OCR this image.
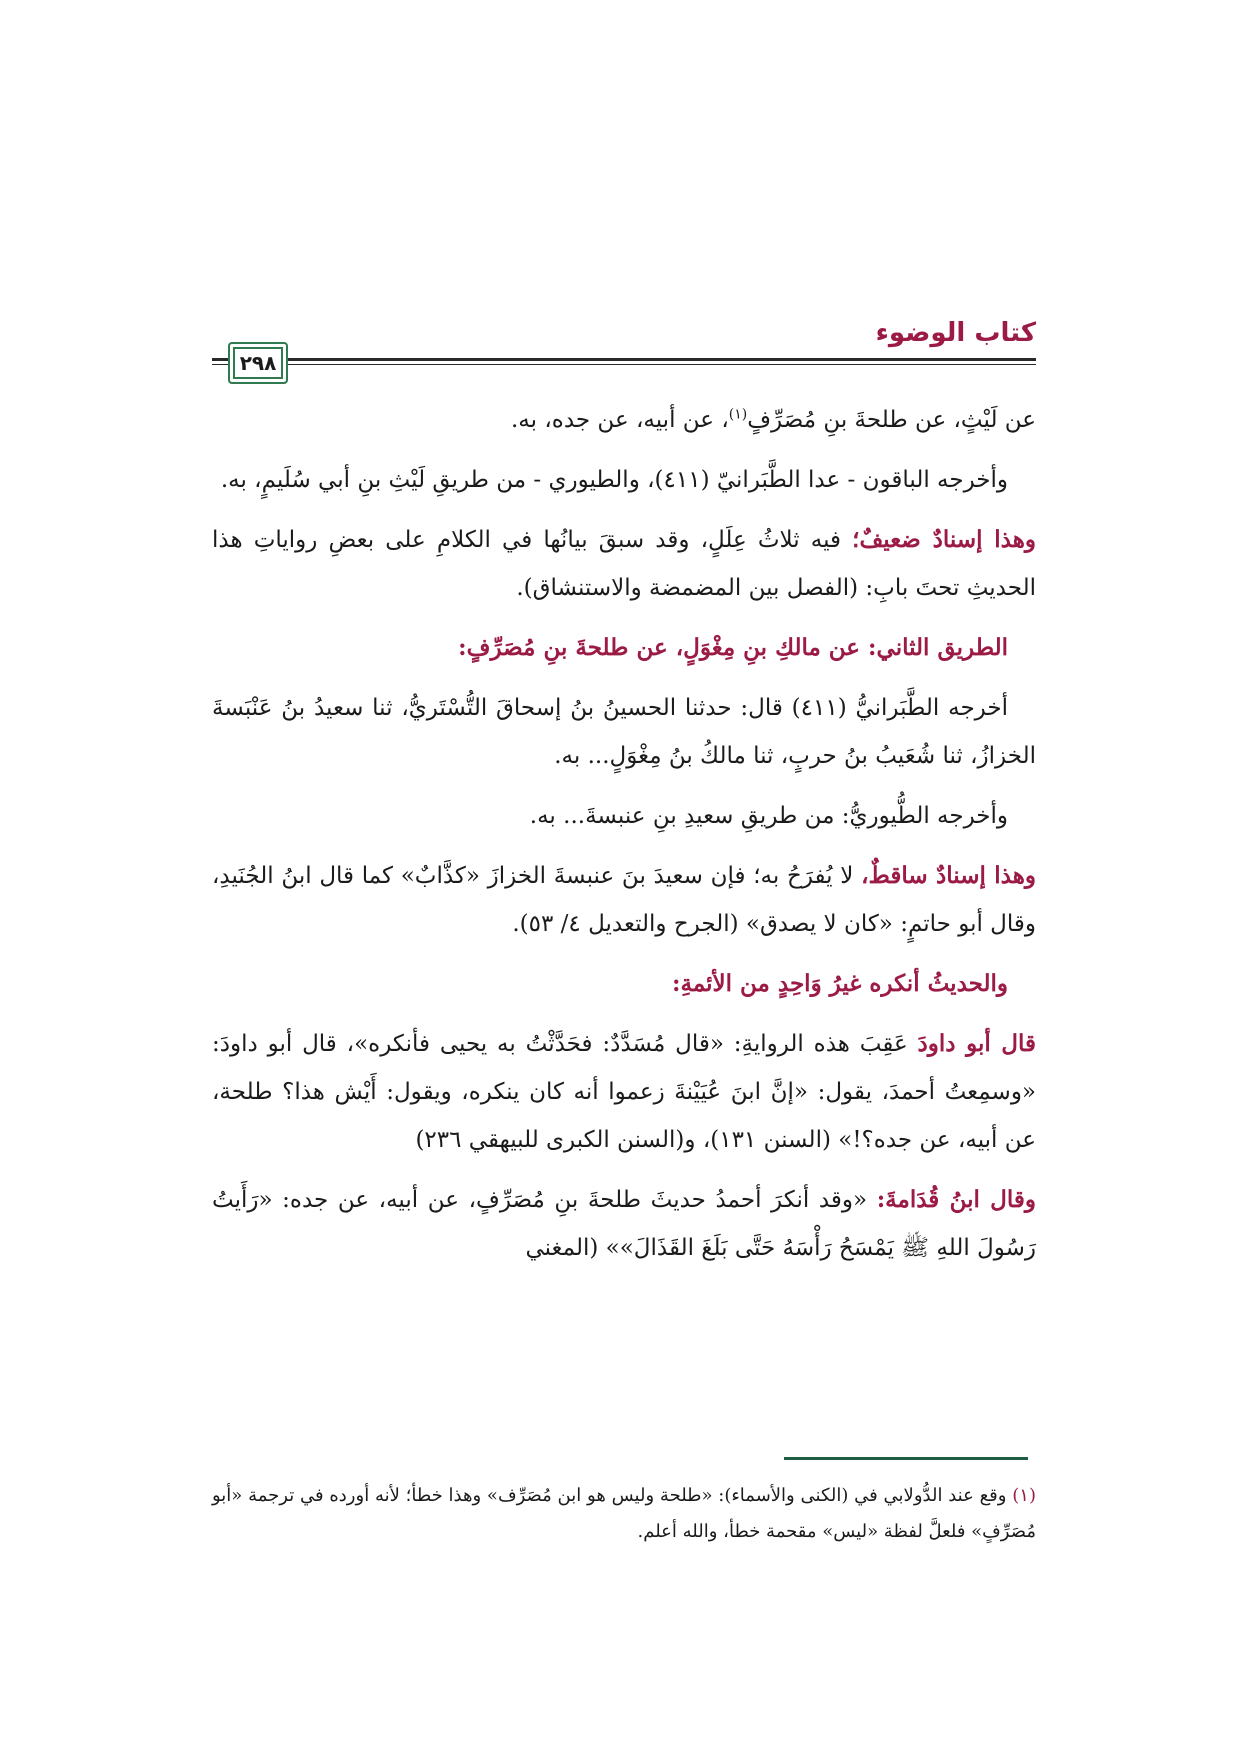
كتاب الوضوء
٢٩٨

عن لَيْثٍ، عن طلحةَ بنِ مُصَرِّفٍ$^{(١)}$، عن أبيه، عن جده، به.

وأخرجه الباقون - عدا الطَّبَرانيّ (٤١١)، والطيوري - من طريقِ لَيْثِ بنِ أبي سُلَيمٍ، به.

وهذا إسنادٌ ضعيفٌ؛ فيه ثلاثُ عِلَلٍ، وقد سبقَ بيانُها في الكلامِ على بعضِ رواياتِ هذا الحديثِ تحتَ بابِ: (الفصل بين المضمضة والاستنشاق).

الطريق الثاني: عن مالكِ بنِ مِغْوَلٍ، عن طلحةَ بنِ مُصَرِّفٍ:

أخرجه الطَّبَرانيُّ (٤١١) قال: حدثنا الحسينُ بنُ إسحاقَ التُّسْتَريُّ، ثنا سعيدُ بنُ عَنْبَسةَ الخزازُ، ثنا شُعَيبُ بنُ حربٍ، ثنا مالكُ بنُ مِغْوَلٍ... به.

وأخرجه الطُّيوريُّ: من طريقِ سعيدِ بنِ عنبسةَ... به.

وهذا إسنادٌ ساقطٌ، لا يُفرَحُ به؛ فإن سعيدَ بنَ عنبسةَ الخزازَ «كذَّابٌ» كما قال ابنُ الجُنَيدِ، وقال أبو حاتمٍ: «كان لا يصدق» (الجرح والتعديل ٤/ ٥٣).

والحديثُ أنكره غيرُ وَاحِدٍ من الأئمةِ:

قال أبو داودَ عَقِبَ هذه الروايةِ: «قال مُسَدَّدٌ: فحَدَّثْتُ به يحيى فأنكره»، قال أبو داودَ: «وسمِعتُ أحمدَ، يقول: «إنَّ ابنَ عُيَيْنةَ زعموا أنه كان ينكره، ويقول: أَيْش هذا؟ طلحة، عن أبيه، عن جده؟!» (السنن ١٣١)، و(السنن الكبرى للبيهقي ٢٣٦)

وقال ابنُ قُدَامةَ: «وقد أنكرَ أحمدُ حديثَ طلحةَ بنِ مُصَرِّفٍ، عن أبيه، عن جده: «رَأَيتُ رَسُولَ اللهِ ﷺ يَمْسَحُ رَأْسَهُ حَتَّى بَلَغَ القَذَالَ»» (المغني

(١) وقع عند الدُّولابي في (الكنى والأسماء): «طلحة وليس هو ابن مُصَرِّف» وهذا خطأ؛ لأنه أورده في ترجمة «أبو مُصَرِّفٍ» فلعلَّ لفظة «ليس» مقحمة خطأ، والله أعلم.
